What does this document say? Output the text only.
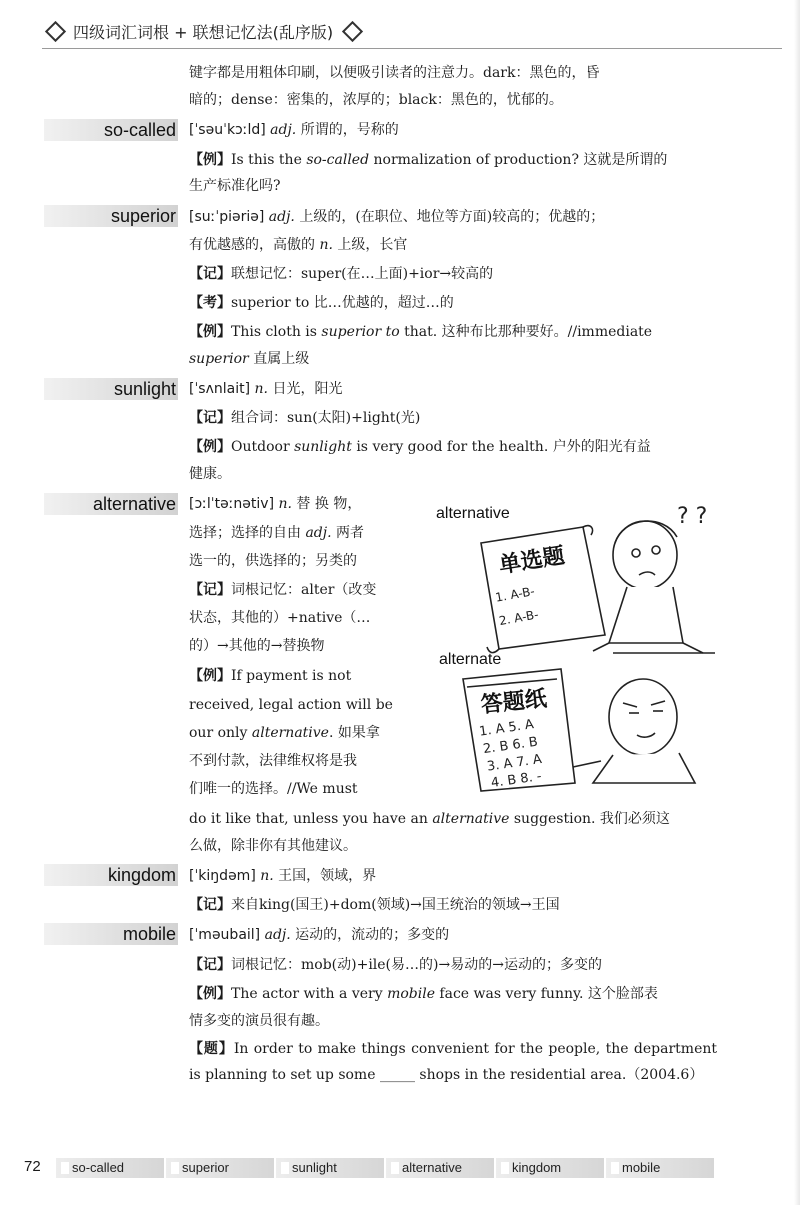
四级词汇词根 + 联想记忆法(乱序版)
键字都是用粗体印刷，以便吸引读者的注意力。dark：黑色的，昏
暗的；dense：密集的，浓厚的；black：黑色的，忧郁的。
so-called [ˈsəuˈkɔːld] adj. 所谓的，号称的
【例】Is this the so-called normalization of production? 这就是所谓的
生产标准化吗?
superior [suːˈpiəriə] adj. 上级的，(在职位、地位等方面)较高的；优越的；
有优越感的，高傲的 n. 上级，长官
【记】联想记忆：super(在…上面)+ior→较高的
【考】superior to 比…优越的，超过…的
【例】This cloth is superior to that. 这种布比那种要好。//immediate
superior 直属上级
sunlight [ˈsʌnlait] n. 日光，阳光
【记】组合词：sun(太阳)+light(光)
【例】Outdoor sunlight is very good for the health. 户外的阳光有益
健康。
alternative [ɔːlˈtəːnətiv] n. 替 换 物，
选择；选择的自由 adj. 两者
选一的，供选择的；另类的
【记】词根记忆：alter（改变
状态，其他的）+native（…
的）→其他的→替换物
【例】If payment is not
received, legal action will be
our only alternative. 如果拿
不到付款，法律维权将是我
们唯一的选择。//We must
do it like that, unless you have an alternative suggestion. 我们必须这
么做，除非你有其他建议。
alternative
alternate
单选题
1. A-B-
2. A-B-
? ?
答题纸
1. A 5. A
2. B 6. B
3. A 7. A
4. B 8. -
kingdom [ˈkiŋdəm] n. 王国，领域，界
【记】来自king(国王)+dom(领域)→国王统治的领域→王国
mobile [ˈməubail] adj. 运动的，流动的；多变的
【记】词根记忆：mob(动)+ile(易…的)→易动的→运动的；多变的
【例】The actor with a very mobile face was very funny. 这个脸部表
情多变的演员很有趣。
【题】In order to make things convenient for the people, the department is planning to set up some _____ shops in the residential area.（2004.6）
72	so-called	superior	sunlight	alternative	kingdom	mobile
